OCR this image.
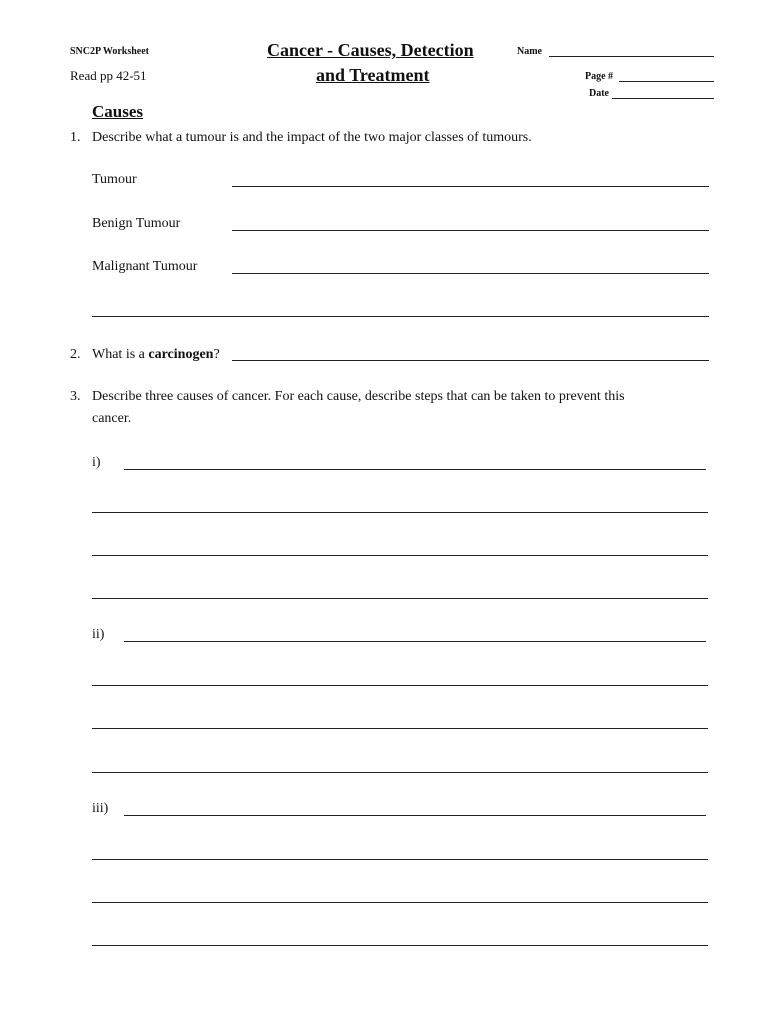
SNC2P Worksheet
Read pp 42-51
Cancer - Causes, Detection
and Treatment
Name
Page #
Date
Causes
1. Describe what a tumour is and the impact of the two major classes of tumours.
Tumour
Benign Tumour
Malignant Tumour
2. What is a carcinogen?
3. Describe three causes of cancer. For each cause, describe steps that can be taken to prevent this
cancer.
i)
ii)
iii)
